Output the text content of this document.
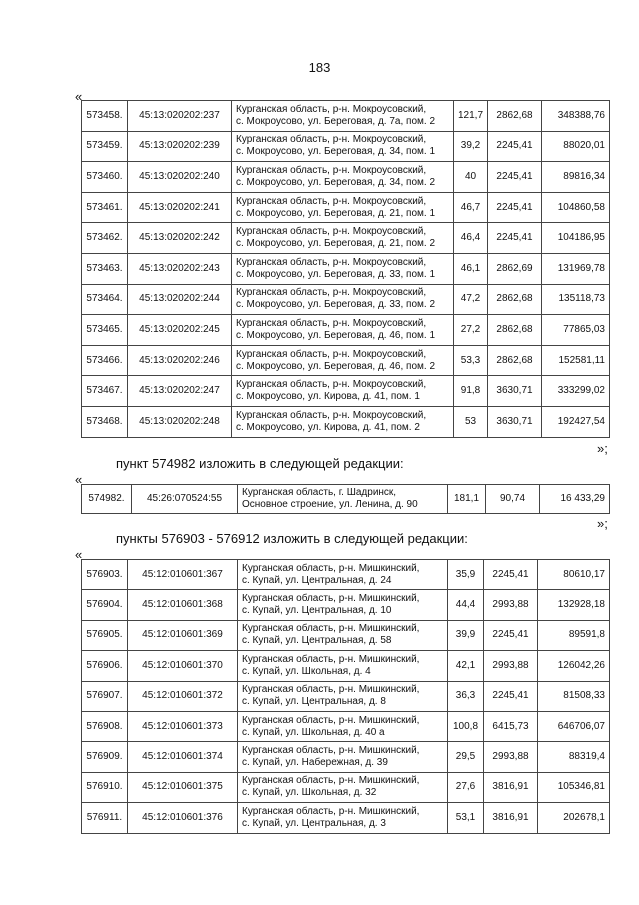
183
«
573458.	45:13:020202:237	Курганская область, р-н. Мокроусовский,
с. Мокроусово, ул. Береговая, д. 7а, пом. 2	121,7	2862,68	348388,76
573459.	45:13:020202:239	Курганская область, р-н. Мокроусовский,
с. Мокроусово, ул. Береговая, д. 34, пом. 1	39,2	2245,41	88020,01
573460.	45:13:020202:240	Курганская область, р-н. Мокроусовский,
с. Мокроусово, ул. Береговая, д. 34, пом. 2	40	2245,41	89816,34
573461.	45:13:020202:241	Курганская область, р-н. Мокроусовский,
с. Мокроусово, ул. Береговая, д. 21, пом. 1	46,7	2245,41	104860,58
573462.	45:13:020202:242	Курганская область, р-н. Мокроусовский,
с. Мокроусово, ул. Береговая, д. 21, пом. 2	46,4	2245,41	104186,95
573463.	45:13:020202:243	Курганская область, р-н. Мокроусовский,
с. Мокроусово, ул. Береговая, д. 33, пом. 1	46,1	2862,69	131969,78
573464.	45:13:020202:244	Курганская область, р-н. Мокроусовский,
с. Мокроусово, ул. Береговая, д. 33, пом. 2	47,2	2862,68	135118,73
573465.	45:13:020202:245	Курганская область, р-н. Мокроусовский,
с. Мокроусово, ул. Береговая, д. 46, пом. 1	27,2	2862,68	77865,03
573466.	45:13:020202:246	Курганская область, р-н. Мокроусовский,
с. Мокроусово, ул. Береговая, д. 46, пом. 2	53,3	2862,68	152581,11
573467.	45:13:020202:247	Курганская область, р-н. Мокроусовский,
с. Мокроусово, ул. Кирова, д. 41, пом. 1	91,8	3630,71	333299,02
573468.	45:13:020202:248	Курганская область, р-н. Мокроусовский,
с. Мокроусово, ул. Кирова, д. 41, пом. 2	53	3630,71	192427,54
»;
пункт 574982 изложить в следующей редакции:
«
574982.	45:26:070524:55	
Курганская область, г. Шадринск,
Основное строение, ул. Ленина, д. 90
	181,1	90,74	16 433,29
»;
пункты 576903 - 576912 изложить в следующей редакции:
«
576903.	45:12:010601:367	Курганская область, р-н. Мишкинский,
с. Купай, ул. Центральная, д. 24	35,9	2245,41	80610,17
576904.	45:12:010601:368	Курганская область, р-н. Мишкинский,
с. Купай, ул. Центральная, д. 10	44,4	2993,88	132928,18
576905.	45:12:010601:369	Курганская область, р-н. Мишкинский,
с. Купай, ул. Центральная, д. 58	39,9	2245,41	89591,8
576906.	45:12:010601:370	Курганская область, р-н. Мишкинский,
с. Купай, ул. Школьная, д. 4	42,1	2993,88	126042,26
576907.	45:12:010601:372	Курганская область, р-н. Мишкинский,
с. Купай, ул. Центральная, д. 8	36,3	2245,41	81508,33
576908.	45:12:010601:373	Курганская область, р-н. Мишкинский,
с. Купай, ул. Школьная, д. 40 а	100,8	6415,73	646706,07
576909.	45:12:010601:374	Курганская область, р-н. Мишкинский,
с. Купай, ул. Набережная, д. 39	29,5	2993,88	88319,4
576910.	45:12:010601:375	Курганская область, р-н. Мишкинский,
с. Купай, ул. Школьная, д. 32	27,6	3816,91	105346,81
576911.	45:12:010601:376	Курганская область, р-н. Мишкинский,
с. Купай, ул. Центральная, д. 3	53,1	3816,91	202678,1
